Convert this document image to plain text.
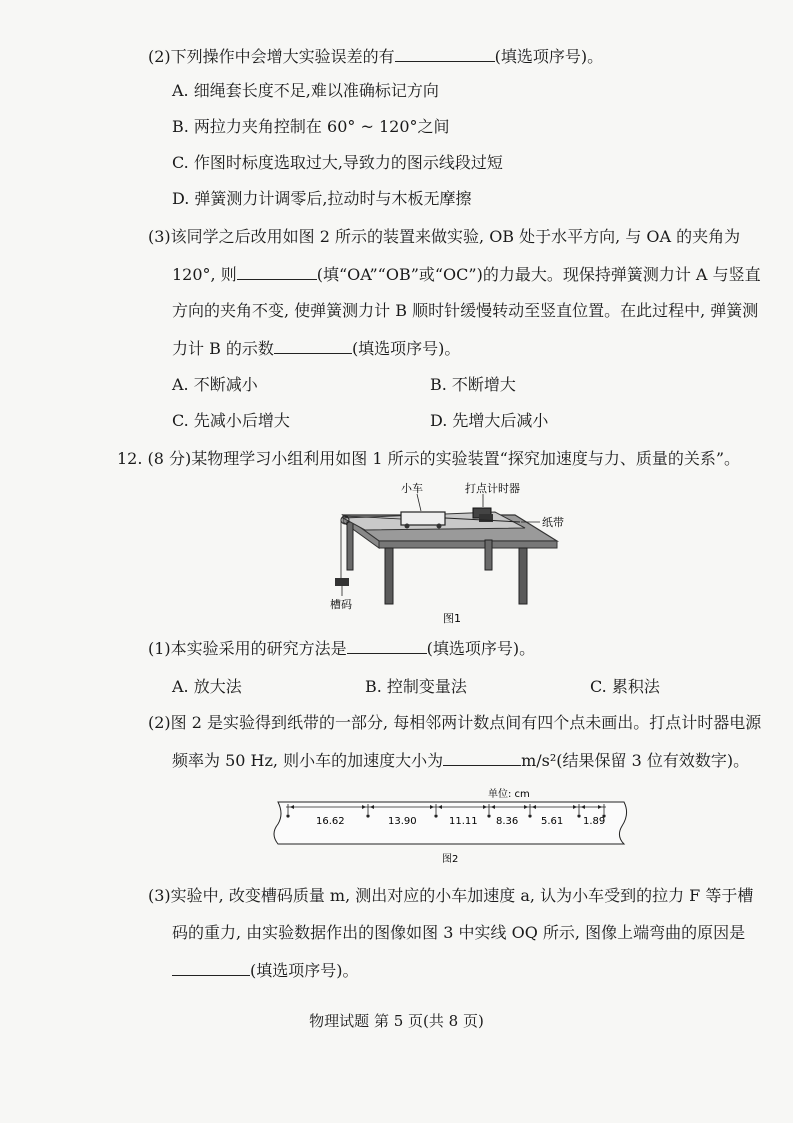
(2)下列操作中会增大实验误差的有	(填选项序号)。
A. 细绳套长度不足,难以准确标记方向
B. 两拉力夹角控制在 60° ~ 120°之间
C. 作图时标度选取过大,导致力的图示线段过短
D. 弹簧测力计调零后,拉动时与木板无摩擦
(3)该同学之后改用如图 2 所示的装置来做实验, OB 处于水平方向, 与 OA 的夹角为
120°, 则	(填“OA”“OB”或“OC”)的力最大。现保持弹簧测力计 A 与竖直
方向的夹角不变, 使弹簧测力计 B 顺时针缓慢转动至竖直位置。在此过程中, 弹簧测
力计 B 的示数	(填选项序号)。
A. 不断减小	B. 不断增大
C. 先减小后增大	D. 先增大后减小
12. (8 分)某物理学习小组利用如图 1 所示的实验装置“探究加速度与力、质量的关系”。
小车	打点计时器
纸带
槽码
图1
(1)本实验采用的研究方法是	(填选项序号)。
A. 放大法	B. 控制变量法	C. 累积法
(2)图 2 是实验得到纸带的一部分, 每相邻两计数点间有四个点未画出。打点计时器电源
频率为 50 Hz, 则小车的加速度大小为	m/s²(结果保留 3 位有效数字)。
单位: cm
16.62	13.90	11.11 8.36 5.61 1.89
图2
(3)实验中, 改变槽码质量 m, 测出对应的小车加速度 a, 认为小车受到的拉力 F 等于槽
码的重力, 由实验数据作出的图像如图 3 中实线 OQ 所示, 图像上端弯曲的原因是
(填选项序号)。
物理试题 第 5 页(共 8 页)
